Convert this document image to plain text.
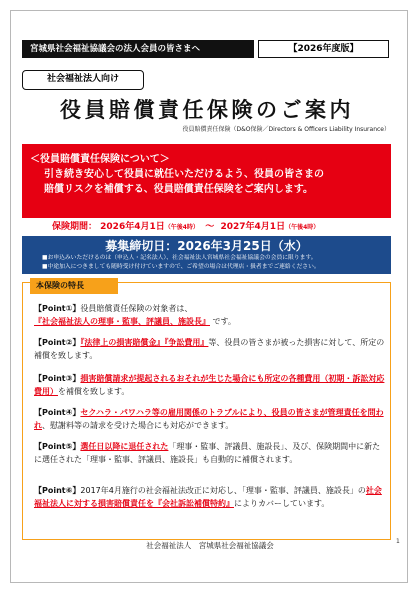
宮城県社会福祉協議会の法人会員の皆さまへ	【2026年度版】
社会福祉法人向け
役員賠償責任保険のご案内
役員賠償責任保険（D&O保険／Directors & Officers Liability Insurance）
＜役員賠償責任保険について＞
引き続き安心して役員に就任いただけるよう、役員の皆さまの
賠償リスクを補償する、役員賠償責任保険をご案内します。
保険期間： 2026年4月1日（午後4時） ～ 2027年4月1日（午後4時）
募集締切日：2026年3月25日（水）
■お申込みいただけるのは（申込人・記名法人）、社会福祉法人宮城県社会福祉協議会の会員に限ります。
■中途加入につきましても随時受け付けていますので、ご希望の場合は代理店・扱者までご連絡ください。
本保険の特長
【Point①】役員賠償責任保険の対象者は、
『社会福祉法人の理事・監事、評議員、施設長』 です。
【Point②】『法律上の損害賠償金』『争訟費用』等、役員の皆さまが被った損害に対して、所定の補償を致します。
【Point③】損害賠償請求が提起されるおそれが生じた場合にも所定の各種費用（初期・訴訟対応費用）を補償を致します。
【Point④】セクハラ・パワハラ等の雇用関係のトラブルにより、役員の皆さまが管理責任を問われ、慰謝料等の請求を受けた場合にも対応ができます。
【Point⑤】選任日以降に退任された「理事・監事、評議員、施設長」、及び、保険期間中に新たに選任された「理事・監事、評議員、施設長」も自動的に補償されます。
【Point⑥】2017年4月施行の社会福祉法改正に対応し、「理事・監事、評議員、施設長」の社会福祉法人に対する損害賠償責任を『会社訴訟補償特約』によりカバーしています。
社会福祉法人　宮城県社会福祉協議会	1
